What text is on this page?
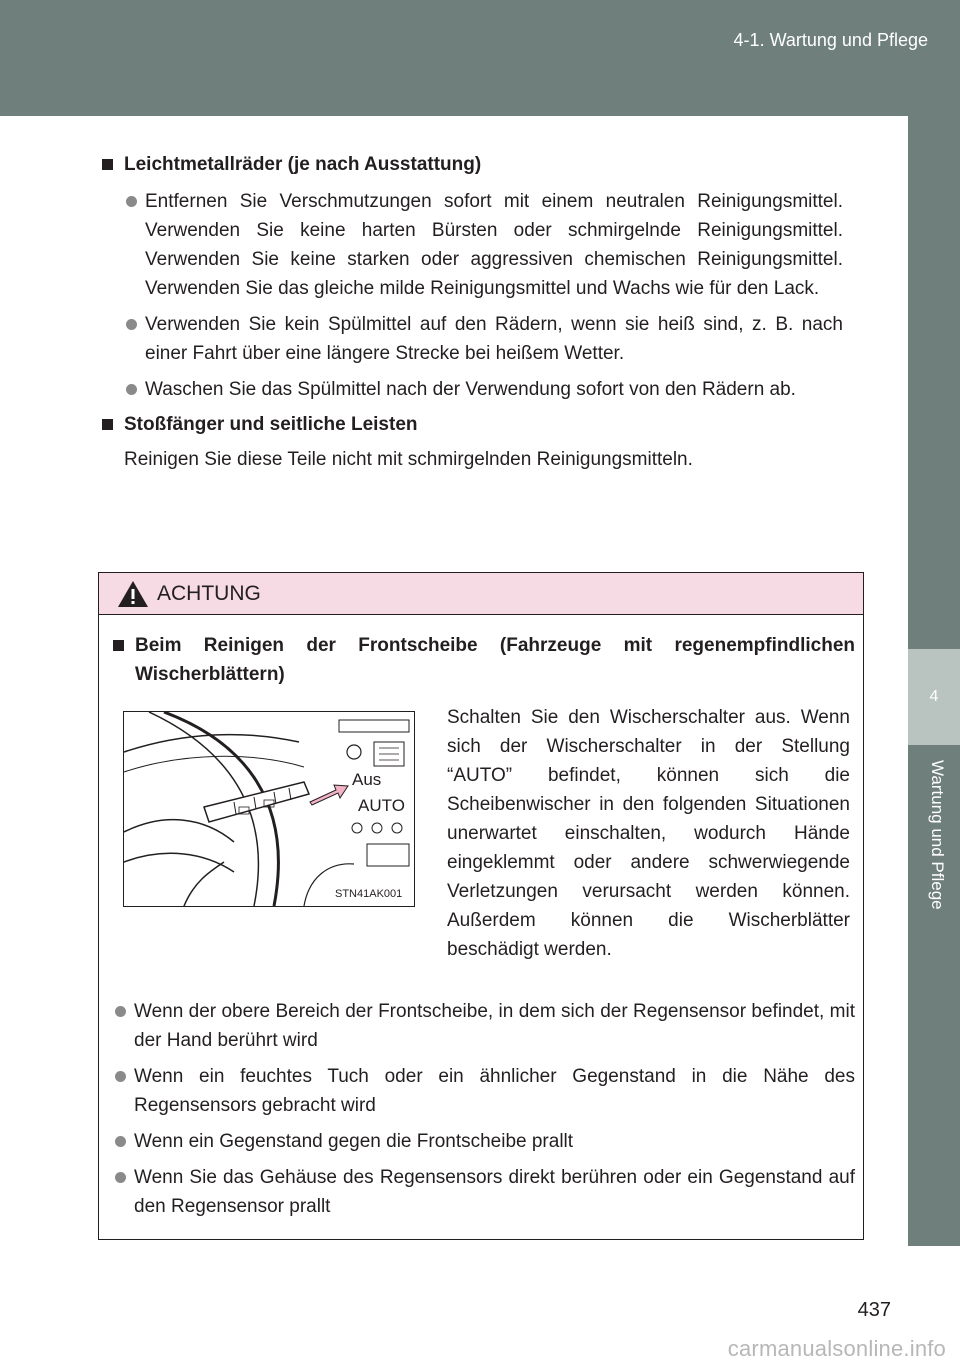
4-1. Wartung und Pflege
4
Wartung und Pflege
Leichtmetallräder (je nach Ausstattung)
Entfernen Sie Verschmutzungen sofort mit einem neutralen Reinigungsmittel. Verwenden Sie keine harten Bürsten oder schmirgelnde Reinigungsmittel. Verwenden Sie keine starken oder aggressiven chemischen Reinigungsmittel. Verwenden Sie das gleiche milde Reinigungsmittel und Wachs wie für den Lack.
Verwenden Sie kein Spülmittel auf den Rädern, wenn sie heiß sind, z. B. nach einer Fahrt über eine längere Strecke bei heißem Wetter.
Waschen Sie das Spülmittel nach der Verwendung sofort von den Rädern ab.
Stoßfänger und seitliche Leisten
Reinigen Sie diese Teile nicht mit schmirgelnden Reinigungsmitteln.
ACHTUNG
Beim Reinigen der Frontscheibe (Fahrzeuge mit regenempfindlichen Wischerblättern)
Aus
AUTO
STN41AK001
Schalten Sie den Wischerschalter aus. Wenn sich der Wischerschalter in der Stellung “AUTO” befindet, können sich die Scheibenwischer in den folgenden Situationen unerwartet einschalten, wodurch Hände eingeklemmt oder andere schwerwiegende Verletzungen verursacht werden können. Außerdem können die Wischerblätter beschädigt werden.
Wenn der obere Bereich der Frontscheibe, in dem sich der Regensensor befindet, mit der Hand berührt wird
Wenn ein feuchtes Tuch oder ein ähnlicher Gegenstand in die Nähe des Regensensors gebracht wird
Wenn ein Gegenstand gegen die Frontscheibe prallt
Wenn Sie das Gehäuse des Regensensors direkt berühren oder ein Gegenstand auf den Regensensor prallt
437
carmanualsonline.info
